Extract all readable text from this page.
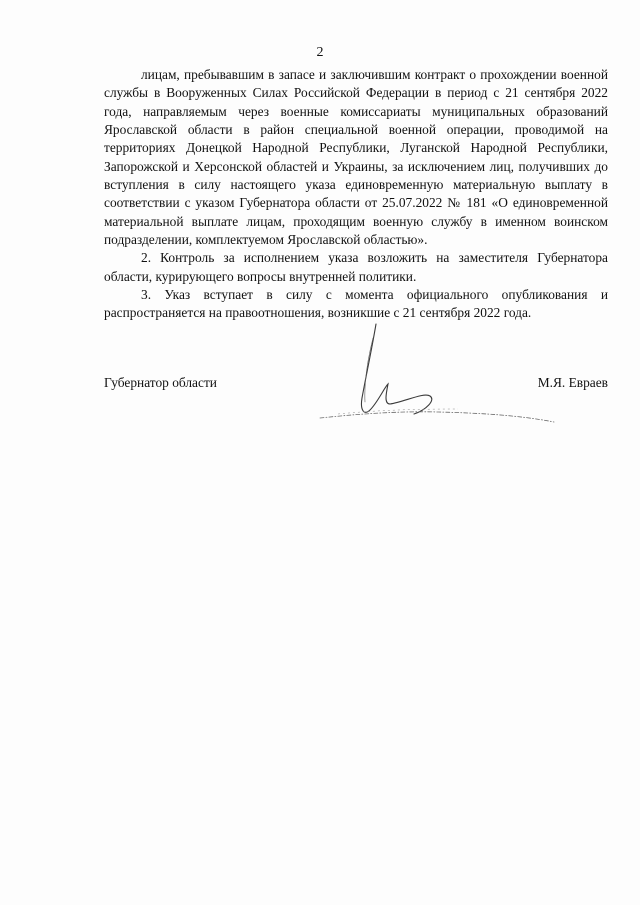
2

лицам, пребывавшим в запасе и заключившим контракт о прохождении военной службы в Вооруженных Силах Российской Федерации в период с 21 сентября 2022 года, направляемым через военные комиссариаты муниципальных образований Ярославской области в район специальной военной операции, проводимой на территориях Донецкой Народной Республики, Луганской Народной Республики, Запорожской и Херсонской областей и Украины, за исключением лиц, получивших до вступления в силу настоящего указа единовременную материальную выплату в соответствии с указом Губернатора области от 25.07.2022 № 181 «О единовременной материальной выплате лицам, проходящим военную службу в именном воинском подразделении, комплектуемом Ярославской областью».

2. Контроль за исполнением указа возложить на заместителя Губернатора области, курирующего вопросы внутренней политики.

3. Указ вступает в силу с момента официального опубликования и распространяется на правоотношения, возникшие с 21 сентября 2022 года.

Губернатор области	М.Я. Евраев
